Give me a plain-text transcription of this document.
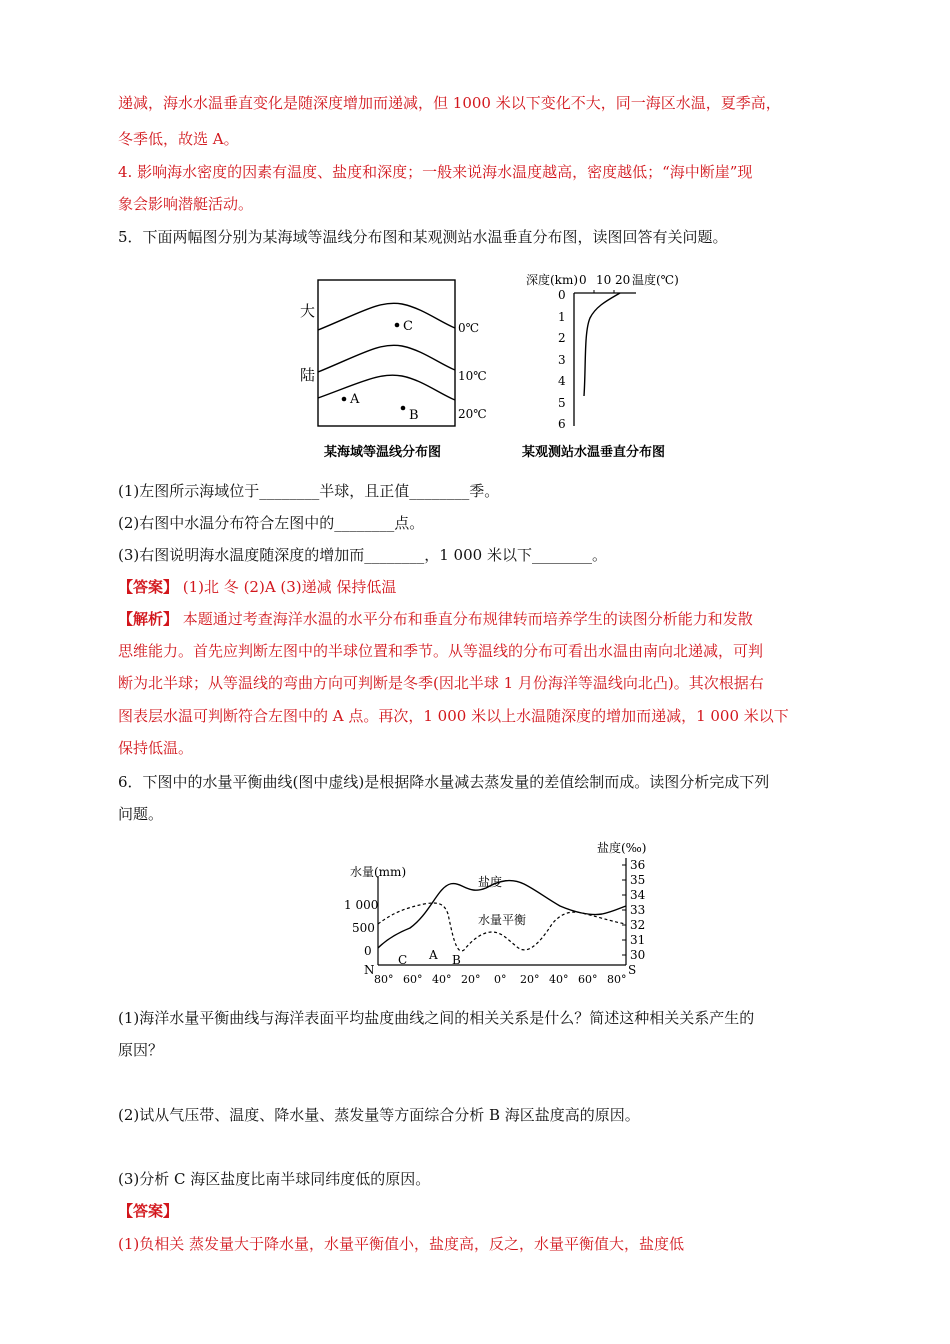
递减，海水水温垂直变化是随深度增加而递减，但 1000 米以下变化不大，同一海区水温，夏季高，
冬季低，故选 A。
4. 影响海水密度的因素有温度、盐度和深度；一般来说海水温度越高，密度越低；“海中断崖”现
象会影响潜艇活动。
5．下面两幅图分别为某海域等温线分布图和某观测站水温垂直分布图，读图回答有关问题。
大
陆
0℃
10℃
20℃
C
A
B
某海域等温线分布图
深度(km)	温度(℃)
0 10 20
0
1
2
3
4
5
6
某观测站水温垂直分布图
(1)左图所示海域位于________半球，且正值________季。
(2)右图中水温分布符合左图中的________点。
(3)右图说明海水温度随深度的增加而________，1 000 米以下________。
【答案】 (1)北 冬 (2)A (3)递减 保持低温
【解析】 本题通过考查海洋水温的水平分布和垂直分布规律转而培养学生的读图分析能力和发散
思维能力。首先应判断左图中的半球位置和季节。从等温线的分布可看出水温由南向北递减，可判
断为北半球；从等温线的弯曲方向可判断是冬季(因北半球 1 月份海洋等温线向北凸)。其次根据右
图表层水温可判断符合左图中的 A 点。再次，1 000 米以上水温随深度的增加而递减，1 000 米以下
保持低温。
6．下图中的水量平衡曲线(图中虚线)是根据降水量减去蒸发量的差值绘制而成。读图分析完成下列
问题。
水量(mm)
盐度(‰)
1 000
500
0
36
35
34
33
32
31
30
盐度
水量平衡
C A B
N	S
80° 60° 40° 20° 0° 20° 40° 60° 80°
(1)海洋水量平衡曲线与海洋表面平均盐度曲线之间的相关关系是什么？简述这种相关关系产生的
原因？
(2)试从气压带、温度、降水量、蒸发量等方面综合分析 B 海区盐度高的原因。
(3)分析 C 海区盐度比南半球同纬度低的原因。
【答案】
(1)负相关 蒸发量大于降水量，水量平衡值小，盐度高，反之，水量平衡值大，盐度低
